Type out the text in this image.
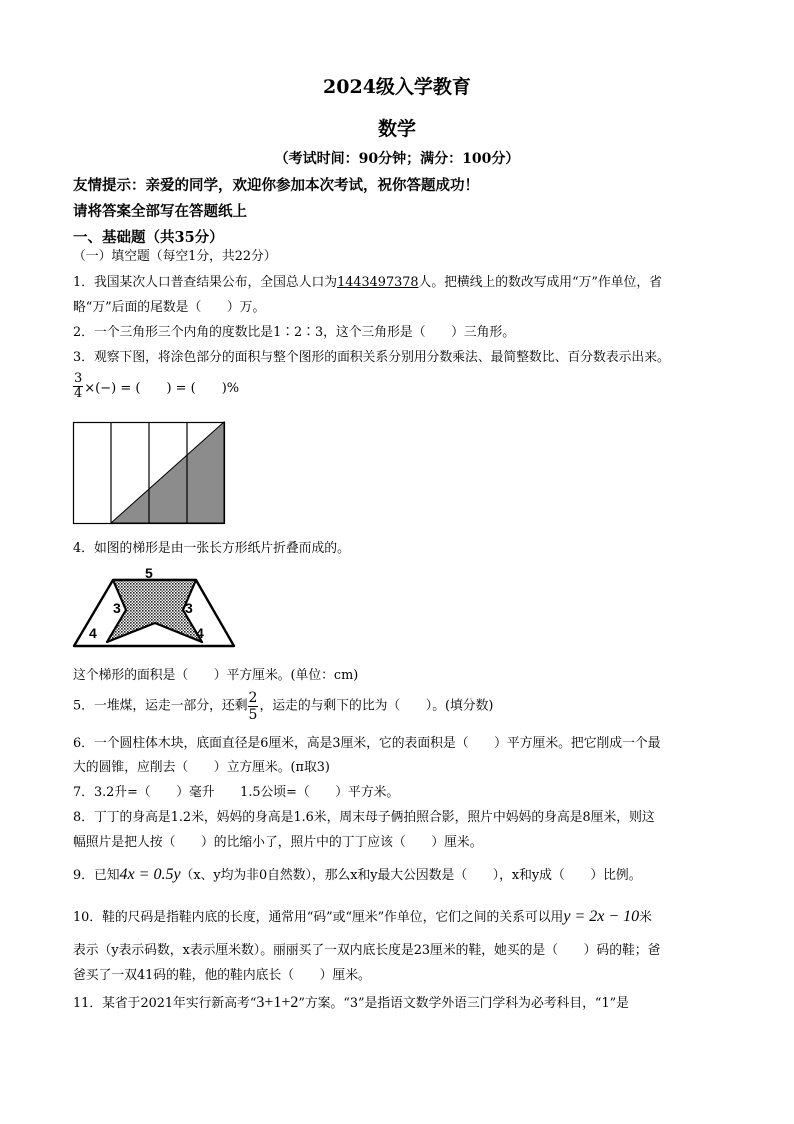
2024级入学教育
数学
（考试时间：90分钟；满分：100分）
友情提示：亲爱的同学，欢迎你参加本次考试，祝你答题成功！
请将答案全部写在答题纸上
一、基础题（共35分）
（一）填空题（每空1分，共22分）
1．我国某次人口普查结果公布，全国总人口为1443497378人。把横线上的数改写成用“万”作单位，省
略“万”后面的尾数是（　　）万。
2．一个三角形三个内角的度数比是1∶2∶3，这个三角形是（　　）三角形。
3．观察下图，将涂色部分的面积与整个图形的面积关系分别用分数乘法、最简整数比、百分数表示出来。
$\frac{3}{4}$ ×(−) = (　　) = (　　)%
4．如图的梯形是由一张长方形纸片折叠而成的。
5
3	3
4	4
这个梯形的面积是（　　）平方厘米。(单位：cm)
5．一堆煤，运走一部分，还剩 $\frac{2}{5}$ ，运走的与剩下的比为（　　）。(填分数)
6．一个圆柱体木块，底面直径是6厘米，高是3厘米，它的表面积是（　　）平方厘米。把它削成一个最
大的圆锥，应削去（　　）立方厘米。(π取3)
7．3.2升=（　　）毫升　　1.5公顷=（　　）平方米。
8．丁丁的身高是1.2米，妈妈的身高是1.6米，周末母子俩拍照合影，照片中妈妈的身高是8厘米，则这
幅照片是把人按（　　）的比缩小了，照片中的丁丁应该（　　）厘米。
9．已知4x = 0.5y（x、y均为非0自然数），那么x和y最大公因数是（　　），x和y成（　　）比例。
10．鞋的尺码是指鞋内底的长度，通常用“码”或“厘米”作单位，它们之间的关系可以用y = 2x − 10米
表示（y表示码数，x表示厘米数）。丽丽买了一双内底长度是23厘米的鞋，她买的是（　　）码的鞋；爸
爸买了一双41码的鞋，他的鞋内底长（　　）厘米。
11．某省于2021年实行新高考“3+1+2”方案。“3”是指语文数学外语三门学科为必考科目，“1”是
